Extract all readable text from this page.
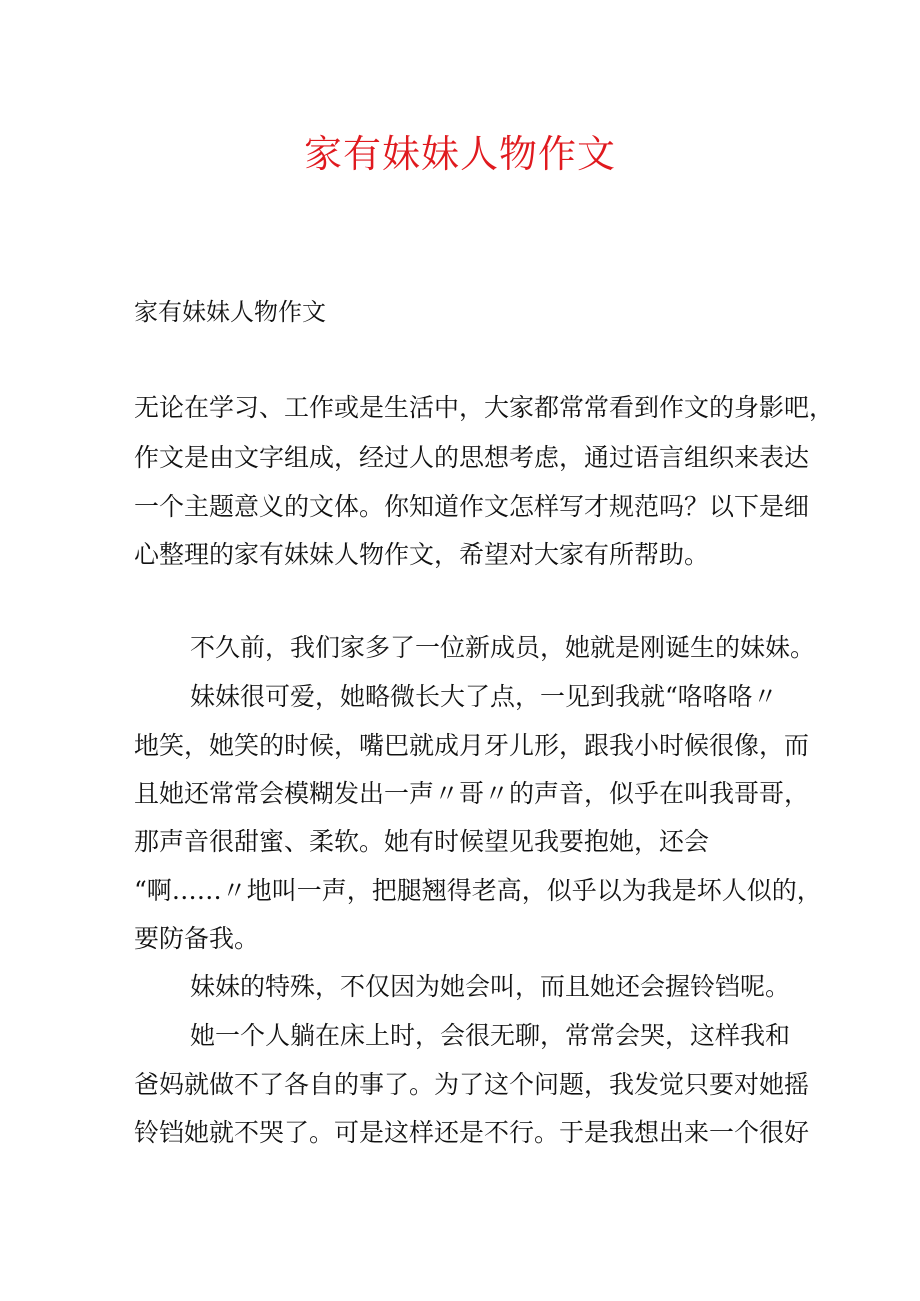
家有妹妹人物作文
家有妹妹人物作文
无论在学习、工作或是生活中，大家都常常看到作文的身影吧，
作文是由文字组成，经过人的思想考虑，通过语言组织来表达
一个主题意义的文体。你知道作文怎样写才规范吗？以下是细
心整理的家有妹妹人物作文，希望对大家有所帮助。
不久前，我们家多了一位新成员，她就是刚诞生的妹妹。
妹妹很可爱，她略微长大了点，一见到我就“咯咯咯〃
地笑，她笑的时候，嘴巴就成月牙儿形，跟我小时候很像，而
且她还常常会模糊发出一声〃哥〃的声音，似乎在叫我哥哥，
那声音很甜蜜、柔软。她有时候望见我要抱她，还会
“啊……〃地叫一声，把腿翘得老高，似乎以为我是坏人似的，
要防备我。
妹妹的特殊，不仅因为她会叫，而且她还会握铃铛呢。
她一个人躺在床上时，会很无聊，常常会哭，这样我和
爸妈就做不了各自的事了。为了这个问题，我发觉只要对她摇
铃铛她就不哭了。可是这样还是不行。于是我想出来一个很好
